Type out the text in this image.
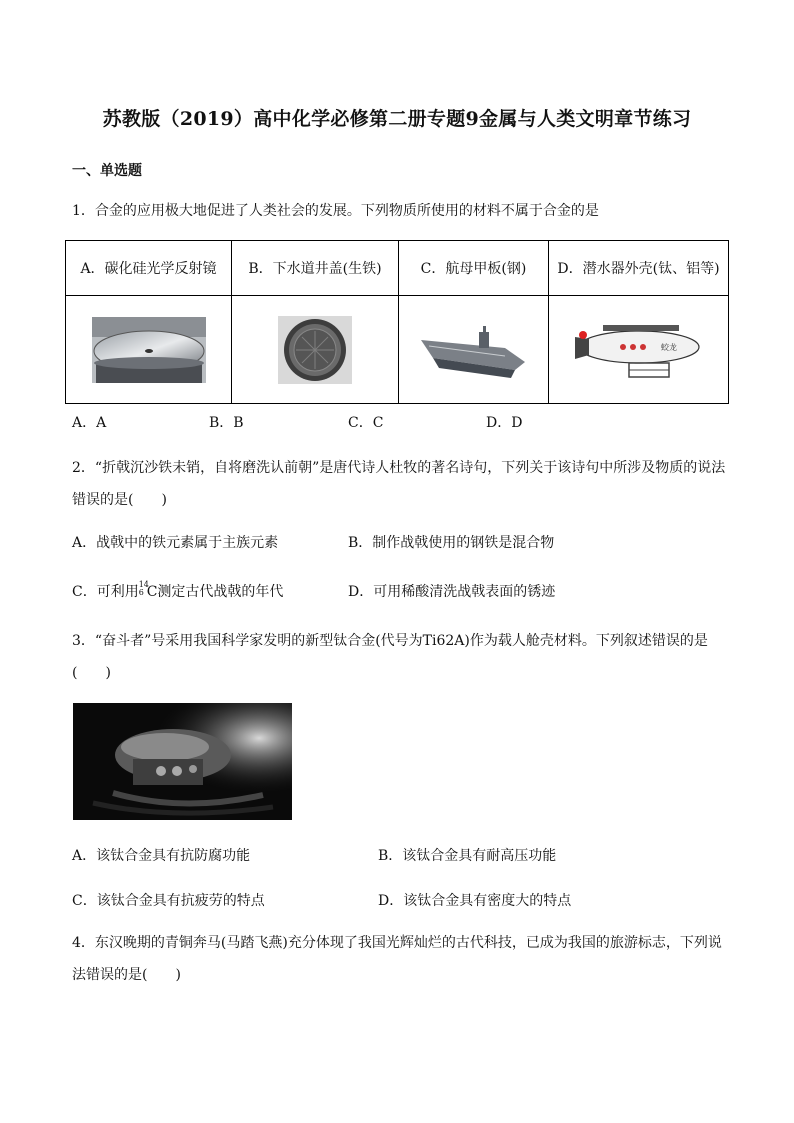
苏教版（2019）高中化学必修第二册专题9金属与人类文明章节练习
一、单选题
1．合金的应用极大地促进了人类社会的发展。下列物质所使用的材料不属于合金的是
A．碳化硅光学反射镜	B．下水道井盖(生铁)	C．航母甲板(钢)	D．潜水器外壳(钛、铝等)

蛟龙
A．A	B．B	C．C	D．D
2．“折戟沉沙铁未销，自将磨洗认前朝”是唐代诗人杜牧的著名诗句，下列关于该诗句中所涉及物质的说法
错误的是(　　)
A．战戟中的铁元素属于主族元素	B．制作战戟使用的钢铁是混合物
C．可利用 14
6 C测定古代战戟的年代	D．可用稀酸清洗战戟表面的锈迹
3．“奋斗者”号采用我国科学家发明的新型钛合金(代号为Ti62A)作为载人舱壳材料。下列叙述错误的是
(　　)
A．该钛合金具有抗防腐功能	B．该钛合金具有耐高压功能
C．该钛合金具有抗疲劳的特点	D．该钛合金具有密度大的特点
4．东汉晚期的青铜奔马(马踏飞燕)充分体现了我国光辉灿烂的古代科技，已成为我国的旅游标志，下列说
法错误的是(　　)
